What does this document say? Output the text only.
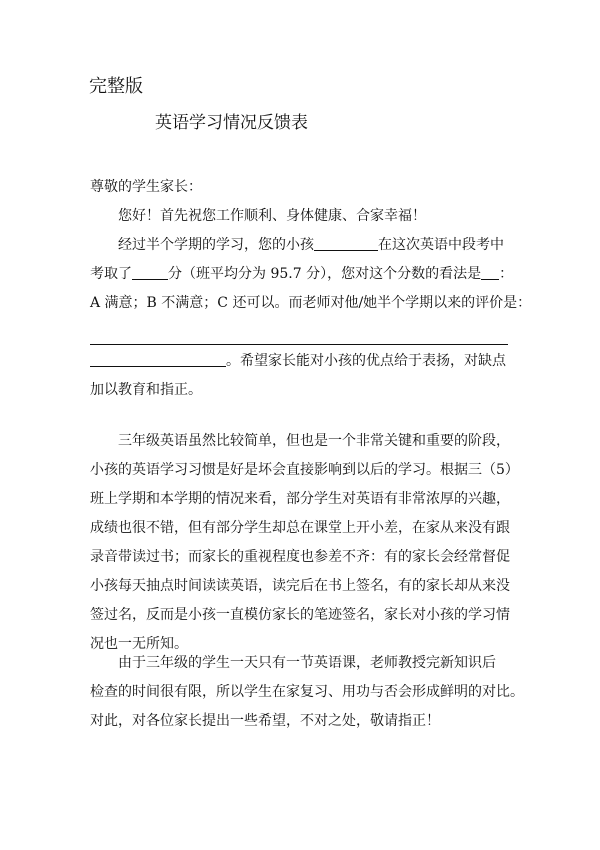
完整版
英语学习情况反馈表
尊敬的学生家长：
您好！首先祝您工作顺利、身体健康、合家幸福！
经过半个学期的学习，您的小孩	在这次英语中段考中
考取了	分（班平均分为 95.7 分），您对这个分数的看法是 ：
A 满意；B 不满意；C 还可以。而老师对他/她半个学期以来的评价是：
。希望家长能对小孩的优点给于表扬，对缺点
加以教育和指正。
三年级英语虽然比较简单，但也是一个非常关键和重要的阶段，
小孩的英语学习习惯是好是坏会直接影响到以后的学习。根据三（5）
班上学期和本学期的情况来看，部分学生对英语有非常浓厚的兴趣，
成绩也很不错，但有部分学生却总在课堂上开小差，在家从来没有跟
录音带读过书；而家长的重视程度也参差不齐：有的家长会经常督促
小孩每天抽点时间读读英语，读完后在书上签名，有的家长却从来没
签过名，反而是小孩一直模仿家长的笔迹签名，家长对小孩的学习情
况也一无所知。
由于三年级的学生一天只有一节英语课，老师教授完新知识后
检查的时间很有限，所以学生在家复习、用功与否会形成鲜明的对比。
对此，对各位家长提出一些希望，不对之处，敬请指正！
